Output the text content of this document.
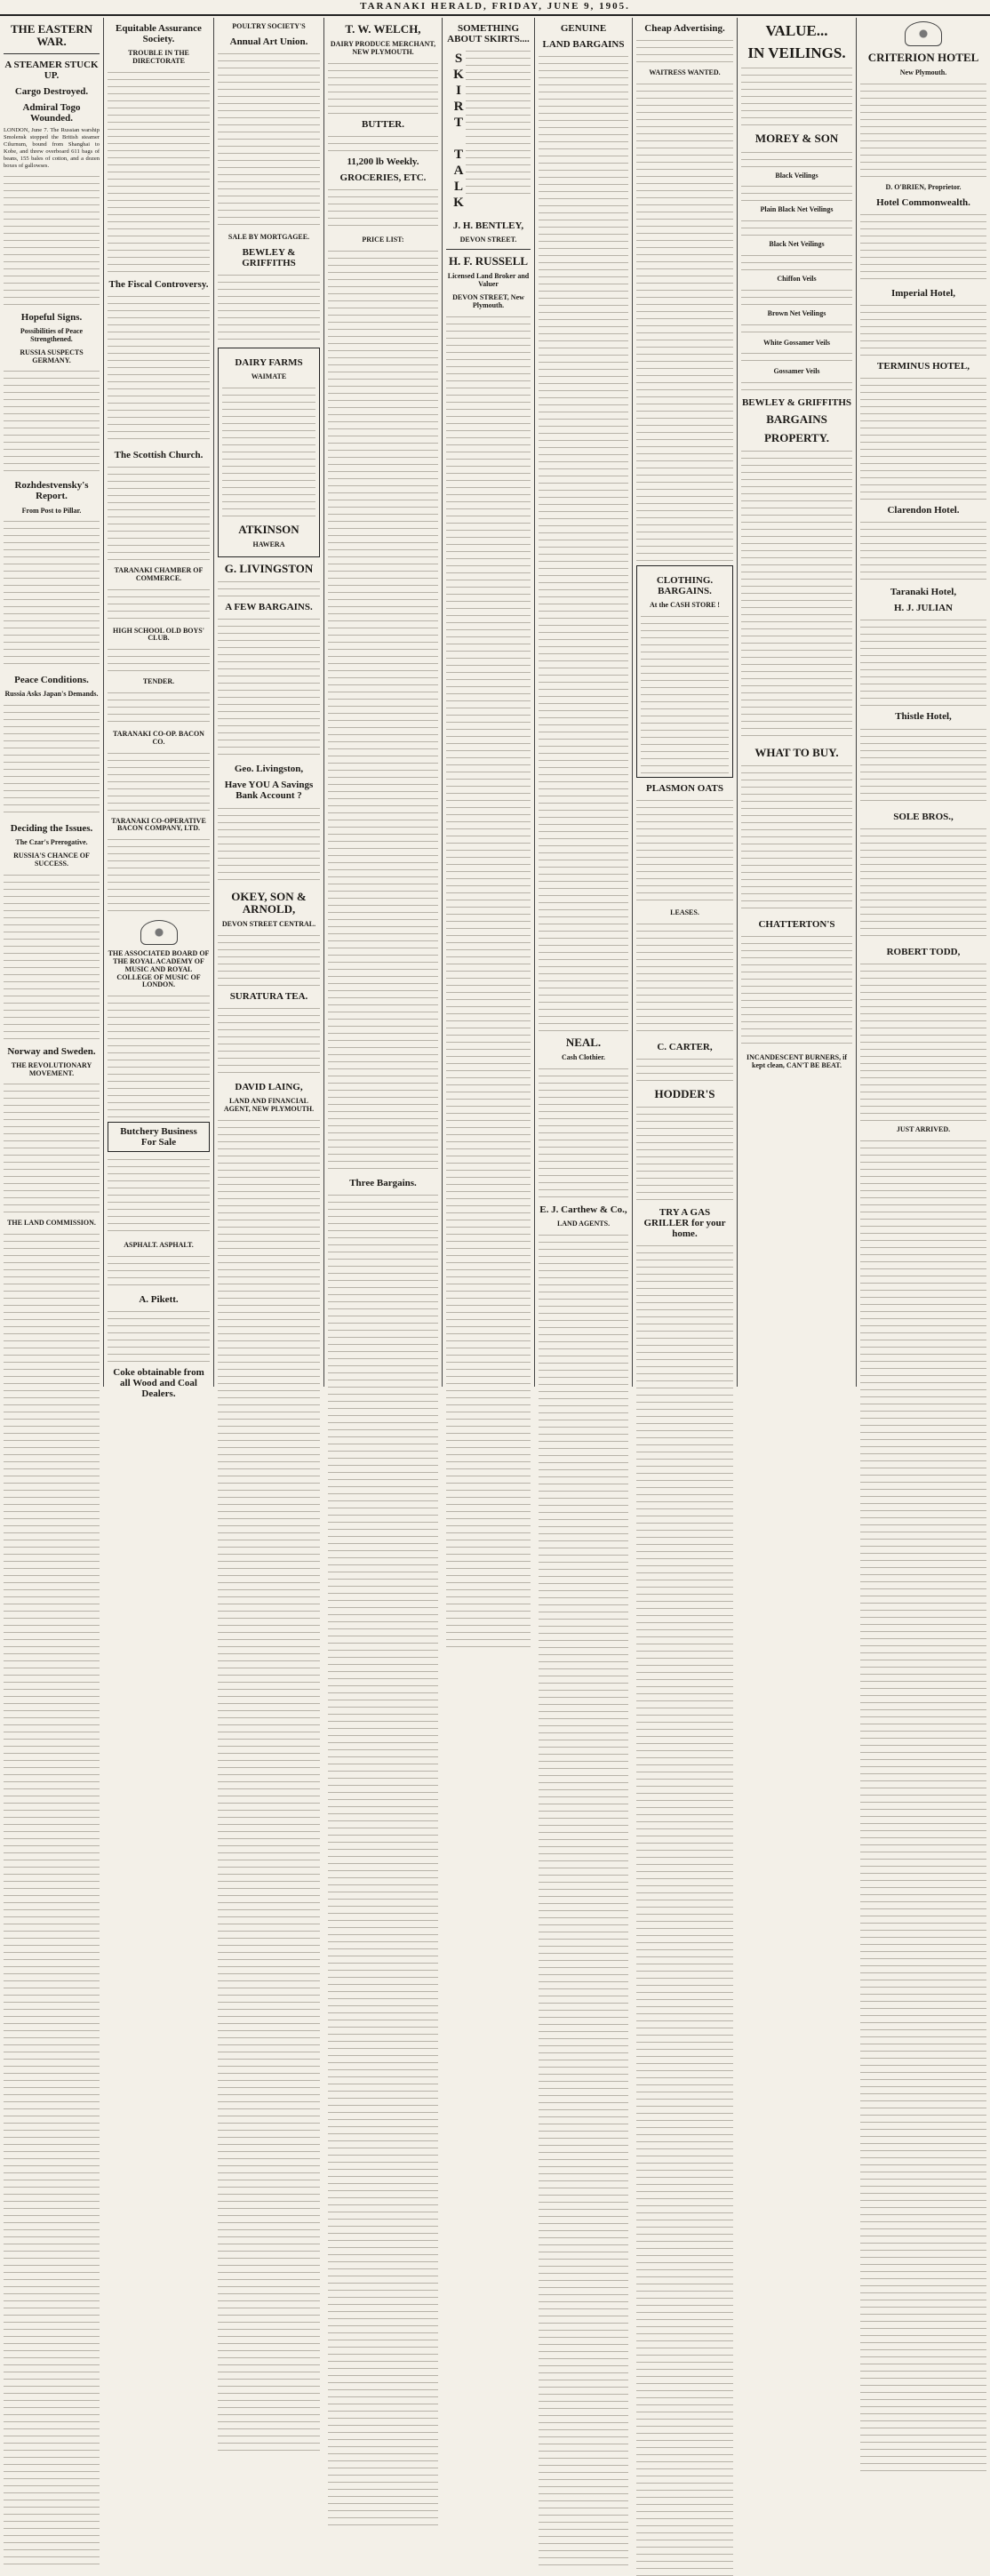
TARANAKI HERALD, FRIDAY, JUNE 9, 1905.
THE EASTERN WAR.
A STEAMER STUCK UP.
Cargo Destroyed.
Admiral Togo Wounded.

LONDON, June 7. The Russian warship Smolensk stopped the British steamer Cilurnum, bound from Shanghai to Kobe, and threw overboard 611 bags of beans, 155 bales of cotton, and a dozen boxes of gallowses.

Hopeful Signs.
Possibilities of Peace Strengthened.
RUSSIA SUSPECTS GERMANY.
Rozhdestvensky's Report.
From Post to Pillar.
Peace Conditions.
Russia Asks Japan's Demands.
Deciding the Issues.
The Czar's Prerogative.
RUSSIA'S CHANCE OF SUCCESS.
Norway and Sweden.
THE REVOLUTIONARY MOVEMENT.
THE LAND COMMISSION.
Equitable Assurance Society.
TROUBLE IN THE DIRECTORATE
The Fiscal Controversy.
The Scottish Church.
TARANAKI CHAMBER OF COMMERCE.
HIGH SCHOOL OLD BOYS' CLUB.
TENDER.
TARANAKI CO-OP. BACON CO.
TARANAKI CO-OPERATIVE BACON COMPANY, LTD.
THE ASSOCIATED BOARD OF THE ROYAL ACADEMY OF MUSIC AND ROYAL COLLEGE OF MUSIC OF LONDON.
Butchery Business For Sale
ASPHALT. ASPHALT.
A. Pikett.
Coke obtainable from all Wood and Coal Dealers.
POULTRY SOCIETY'S
Annual Art Union.
SALE BY MORTGAGEE.
BEWLEY & GRIFFITHS
DAIRY FARMS
WAIMATE
ATKINSON
HAWERA
G. LIVINGSTON
A FEW BARGAINS.
Geo. Livingston,
Have YOU A Savings Bank Account ?
OKEY, SON & ARNOLD,
DEVON STREET CENTRAL.
SURATURA TEA.
DAVID LAING,
LAND AND FINANCIAL AGENT, NEW PLYMOUTH.
T. W. WELCH,
DAIRY PRODUCE MERCHANT, NEW PLYMOUTH.
BUTTER.
11,200 lb Weekly.
GROCERIES, ETC.
PRICE LIST:
Three Bargains.
SOMETHING ABOUT SKIRTS....
SKIRT TALK
J. H. BENTLEY,
DEVON STREET.
H. F. RUSSELL
Licensed Land Broker and Valuer
DEVON STREET, New Plymouth.
GENUINE
LAND BARGAINS
NEAL.
Cash Clothier.
E. J. Carthew & Co.,
LAND AGENTS.
Cheap Advertising.
WAITRESS WANTED.
CLOTHING. BARGAINS.
At the CASH STORE !
PLASMON OATS
LEASES.
C. CARTER,
HODDER'S
TRY A GAS GRILLER for your home.
VALUE...
IN VEILINGS.
MOREY & SON
Black Veilings
Plain Black Net Veilings
Black Net Veilings
Chiffon Veils
Brown Net Veilings
White Gossamer Veils
Gossamer Veils
BEWLEY & GRIFFITHS
BARGAINS
PROPERTY.
WHAT TO BUY.
CHATTERTON'S
INCANDESCENT BURNERS, if kept clean, CAN'T BE BEAT.
CRITERION HOTEL
New Plymouth.
D. O'BRIEN, Proprietor.
Hotel Commonwealth.
Imperial Hotel,
TERMINUS HOTEL,
Clarendon Hotel.
Taranaki Hotel,
H. J. JULIAN
Thistle Hotel,
SOLE BROS.,
ROBERT TODD,
JUST ARRIVED.
